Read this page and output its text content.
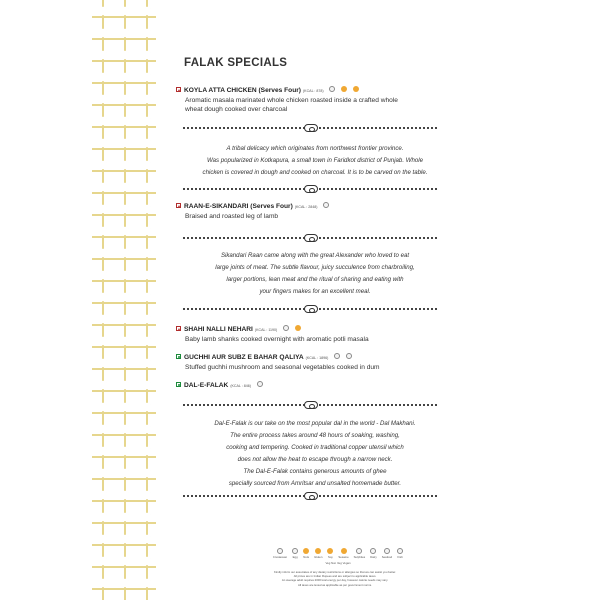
FALAK SPECIALS
KOYLA ATTA CHICKEN (Serves Four) (KCAL : 878)
Aromatic masala marinated whole chicken roasted inside a crafted whole
wheat dough cooked over charcoal
A tribal delicacy which originates from northwest frontier province.
Was popularized in Kotkapura, a small town in Faridkot district of Punjab. Whole
chicken is covered in dough and cooked on charcoal. It is to be carved on the table.
RAAN-E-SIKANDARI (Serves Four) (KCAL : 2848)
Braised and roasted leg of lamb
Sikandari Raan came along with the great Alexander who loved to eat
large joints of meat. The subtle flavour, juicy succulence from charbroiling,
larger portions, lean meat and the ritual of sharing and eating with
your fingers makes for an excellent meal.
SHAHI NALLI NEHARI (KCAL : 1190)
Baby lamb shanks cooked overnight with aromatic potli masala
GUCHHI AUR SUBZ E BAHAR QALIYA (KCAL : 1896)
Stuffed guchhi mushroom and seasonal vegetables cooked in dum
DAL-E-FALAK (KCAL : 846)
Dal-E-Falak is our take on the most popular dal in the world - Dal Makhani.
The entire process takes around 48 hours of soaking, washing,
cooking and tempering. Cooked in traditional copper utensil which
does not allow the heat to escape through a narrow neck.
The Dal-E-Falak contains generous amounts of ghee
specially sourced from Amritsar and unsalted homemade butter.
Crustacean Egg Nuts Gluten Soy Sesame Sulphites Dairy Seafood Fish
Veg Non Veg Vegan
Kindly inform our associates of any dietary restrictions or allergies so that we can assist you better.
All prices are in Indian Rupees and are subject to applicable taxes.
An average adult requires 2000 kcal energy per day, however calorie needs may vary.
All taxes are levied as applicable as per government norms.
